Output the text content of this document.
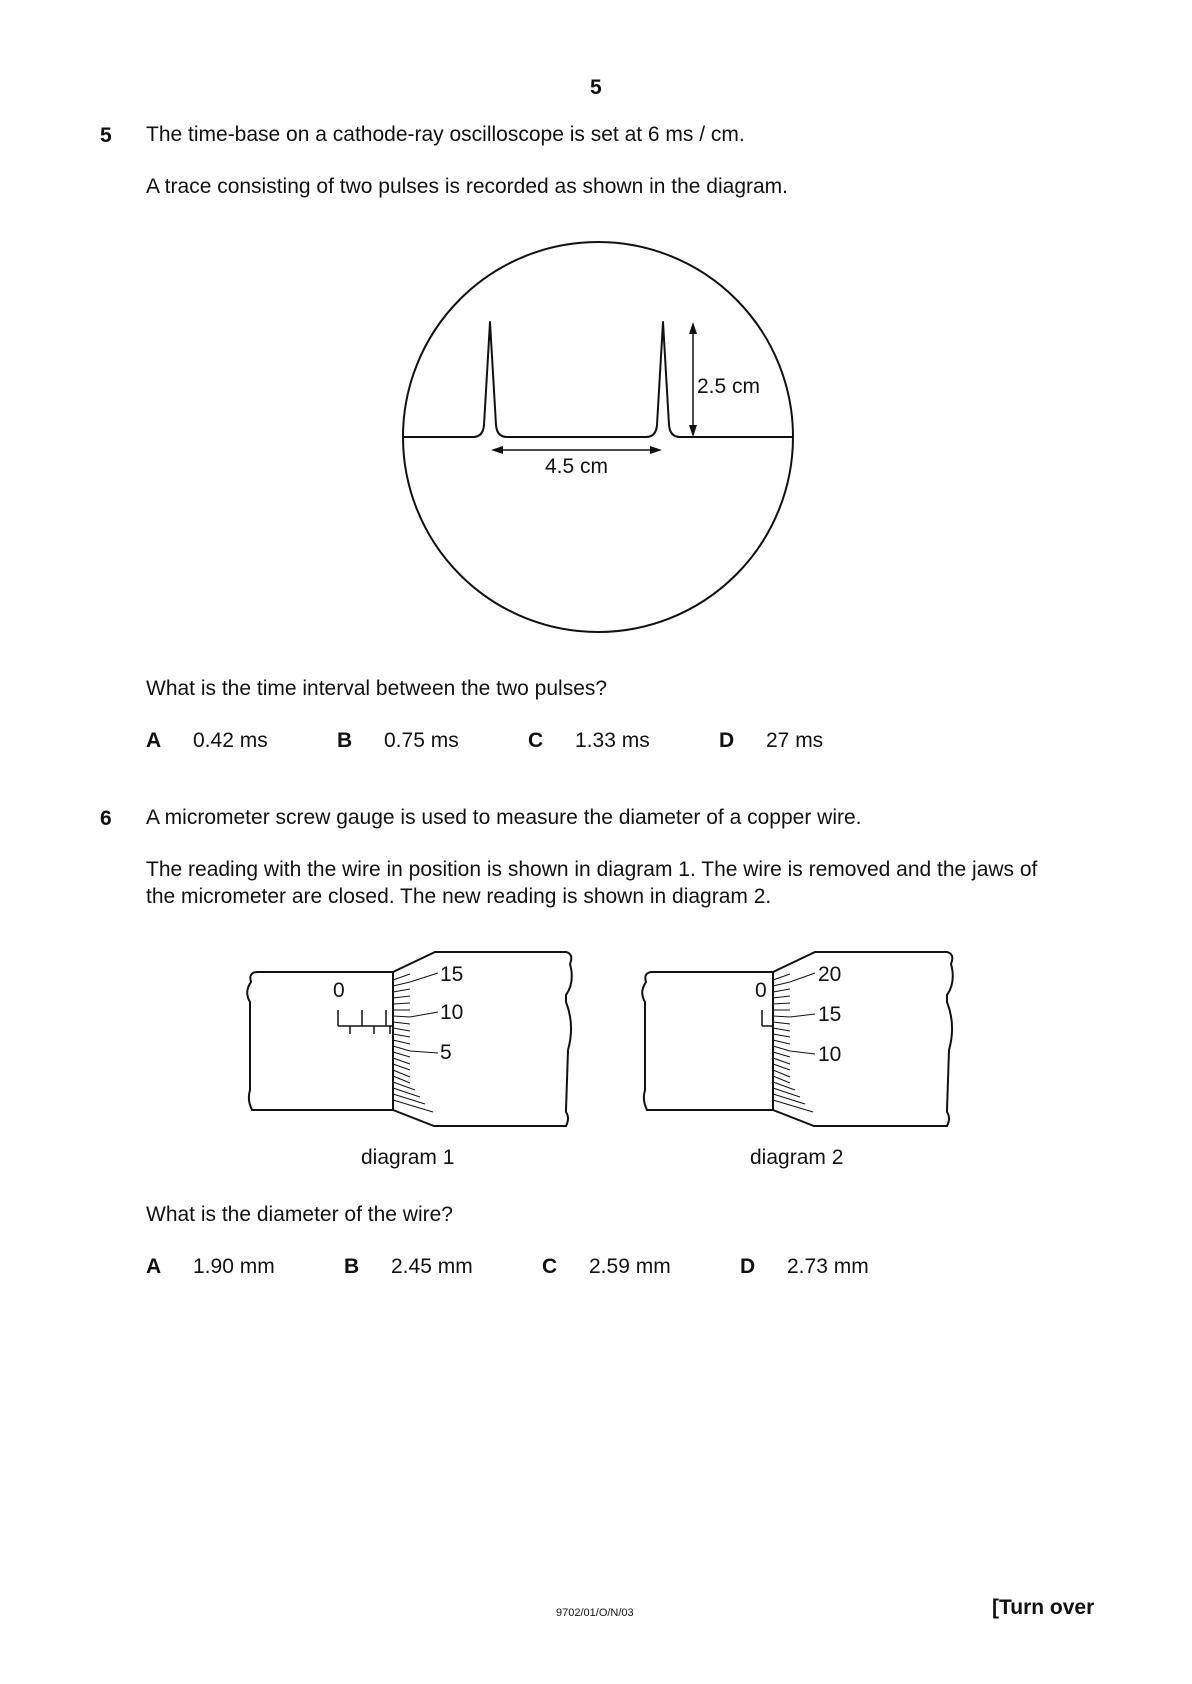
5
5 The time-base on a cathode-ray oscilloscope is set at 6 ms / cm.
A trace consisting of two pulses is recorded as shown in the diagram.
2.5 cm
4.5 cm
What is the time interval between the two pulses?
A 0.42 ms	B 0.75 ms	C 1.33 ms	D 27 ms
6 A micrometer screw gauge is used to measure the diameter of a copper wire.
The reading with the wire in position is shown in diagram 1. The wire is removed and the jaws of
the micrometer are closed. The new reading is shown in diagram 2.
0
15
10
5
0
20
15
10
diagram 1	diagram 2
What is the diameter of the wire?
A 1.90 mm	B 2.45 mm	C 2.59 mm	D 2.73 mm
9702/01/O/N/03	[Turn over
